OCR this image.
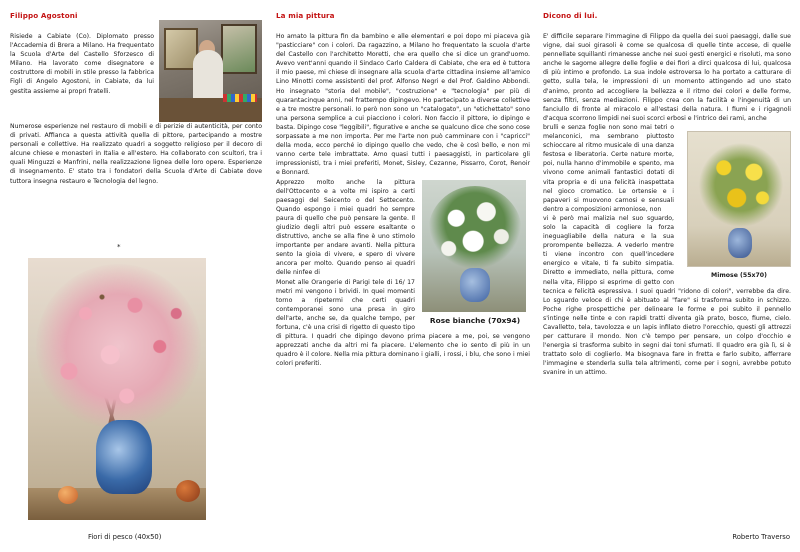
Filippo Agostoni

Risiede a Cabiate (Co). Diplomato presso l'Accademia di Brera a Milano. Ha frequentato la Scuola d'Arte del Castello Sforzesco di Milano. Ha lavorato come disegnatore e costruttore di mobili in stile presso la fabbrica Figli di Angelo Agostoni, in Cabiate, da lui gestita assieme ai propri fratelli.

Numerose esperienze nel restauro di mobili e di perizie di autenticità, per conto di privati. Affianca a questa attività quella di pittore, partecipando a mostre personali e collettive. Ha realizzato quadri a soggetto religioso per il decoro di alcune chiese e monasteri in Italia e all'estero. Ha collaborato con scultori, tra i quali Minguzzi e Manfrini, nella realizzazione lignea delle loro opere. Esperienze di Insegnamento. E' stato tra i fondatori della Scuola d'Arte di Cabiate dove tuttora insegna restauro e Tecnologia del legno.

*
Fiori di pesco (40x50)
La mia pittura

Ho amato la pittura fin da bambino e alle elementari e poi dopo mi piaceva già "pasticciare" con i colori. Da ragazzino, a Milano ho frequentato la scuola d'arte del Castello con l'architetto Moretti, che era quello che si dice un grand'uomo. Avevo vent'anni quando il Sindaco Carlo Caldera di Cabiate, che era ed è tuttora il mio paese, mi chiese di insegnare alla scuola d'arte cittadina insieme all'amico Lino Minotti come assistenti del prof. Alfonso Negri e del Prof. Galdino Abbondi. Ho insegnato "storia del mobile", "costruzione" e "tecnologia" per più di quarantacinque anni, nel frattempo dipingevo. Ho partecipato a diverse collettive e a tre mostre personali. Io però non sono un "catalogato", un "etichettato" sono una persona semplice a cui piacciono i colori. Non faccio il pittore, io dipingo e basta. Dipingo cose "leggibili", figurative e anche se qualcuno dice che sono cose sorpassate a me non importa. Per me l'arte non può camminare con i "capricci" della moda, ecco perché io dipingo quello che vedo, che è così bello, e non mi vanno certe tele imbrattate. Amo quasi tutti i paesaggisti, in particolare gli impressionisti, tra i miei preferiti, Monet, Sisley, Cezanne, Pissarro, Corot, Renoir e Bonnard.

Rose bianche (70x94)

Apprezzo molto anche la pittura dell'Ottocento e a volte mi ispiro a certi paesaggi del Seicento o del Settecento. Quando espongo i miei quadri ho sempre paura di quello che può pensare la gente. Il giudizio degli altri può essere esaltante o distruttivo, anche se alla fine è uno stimolo importante per andare avanti. Nella pittura sento la gioia di vivere, e spero di vivere ancora per molto. Quando penso ai quadri delle ninfee di

Monet alle Orangerie di Parigi tele di 16/ 17 metri mi vengono i brividi. In quei momenti torno a ripetermi che certi quadri contemporanei sono una presa in giro dell'arte, anche se, da qualche tempo, per fortuna, c'è una crisi di rigetto di questo tipo di pittura. I quadri che dipingo devono prima piacere a me, poi, se vengono apprezzati anche da altri mi fa piacere. L'elemento che io sento di più in un quadro è il colore. Nella mia pittura dominano i gialli, i rossi, i blu, che sono i miei colori preferiti.

Dicono di lui.

E' difficile separare l'immagine di Filippo da quella dei suoi paesaggi, dalle sue vigne, dai suoi girasoli è come se qualcosa di quelle tinte accese, di quelle pennellate squillanti rimanesse anche nei suoi gesti energici e risoluti, ma sono anche le sagome allegre delle foglie e dei fiori a dirci qualcosa di lui, qualcosa di più intimo e profondo. La sua indole estroversa lo ha portato a catturare di getto, sulla tela, le impressioni di un momento attingendo ad uno stato d'animo, pronto ad accogliere la bellezza e il ritmo dei colori e delle forme, senza filtri, senza mediazioni. Filippo crea con la facilità e l'ingenuità di un fanciullo di fronte al miracolo e all'estasi della natura. I fiumi e i rigagnoli d'acqua scorrono limpidi nei suoi scorci erbosi e l'intrico dei rami, anche

Mimose (55x70)

brulli e senza foglie non sono mai tetri o melanconici, ma sembrano piuttosto schioccare al ritmo musicale di una danza festosa e liberatoria. Certe nature morte, poi, nulla hanno d'immobile e spento, ma vivono come animali fantastici dotati di vita propria e di una felicità inaspettata nel gioco cromatico. Le ortensie e i papaveri si muovono carnosi e sensuali dentro a composizioni armoniose, non

vi è però mai malizia nel suo sguardo, solo la capacità di cogliere la forza ineguagliabile della natura e la sua prorompente bellezza. A vederlo mentre ti viene incontro con quell'incedere energico e vitale, ti fa subito simpatia. Diretto e immediato, nella pittura, come nella vita, Filippo si esprime di getto con tecnica e felicità espressiva. I suoi quadri "ridono di colori", verrebbe da dire. Lo sguardo veloce di chi è abituato al "fare" si trasforma subito in schizzo. Poche righe prospettiche per delineare le forme e poi subito il pennello s'intinge nelle tinte e con rapidi tratti diventa già prato, bosco, fiume, cielo. Cavalletto, tela, tavolozza e un lapis infilato dietro l'orecchio, questi gli attrezzi per catturare il mondo. Non c'è tempo per pensare, un colpo d'occhio e l'energia si trasforma subito in segni dai toni sfumati. Il quadro era già lì, si è trattato solo di coglierlo. Ma bisognava fare in fretta e farlo subito, afferrare l'immagine e stenderla sulla tela altrimenti, come per i sogni, avrebbe potuto svanire in un attimo.

Roberto Traverso
